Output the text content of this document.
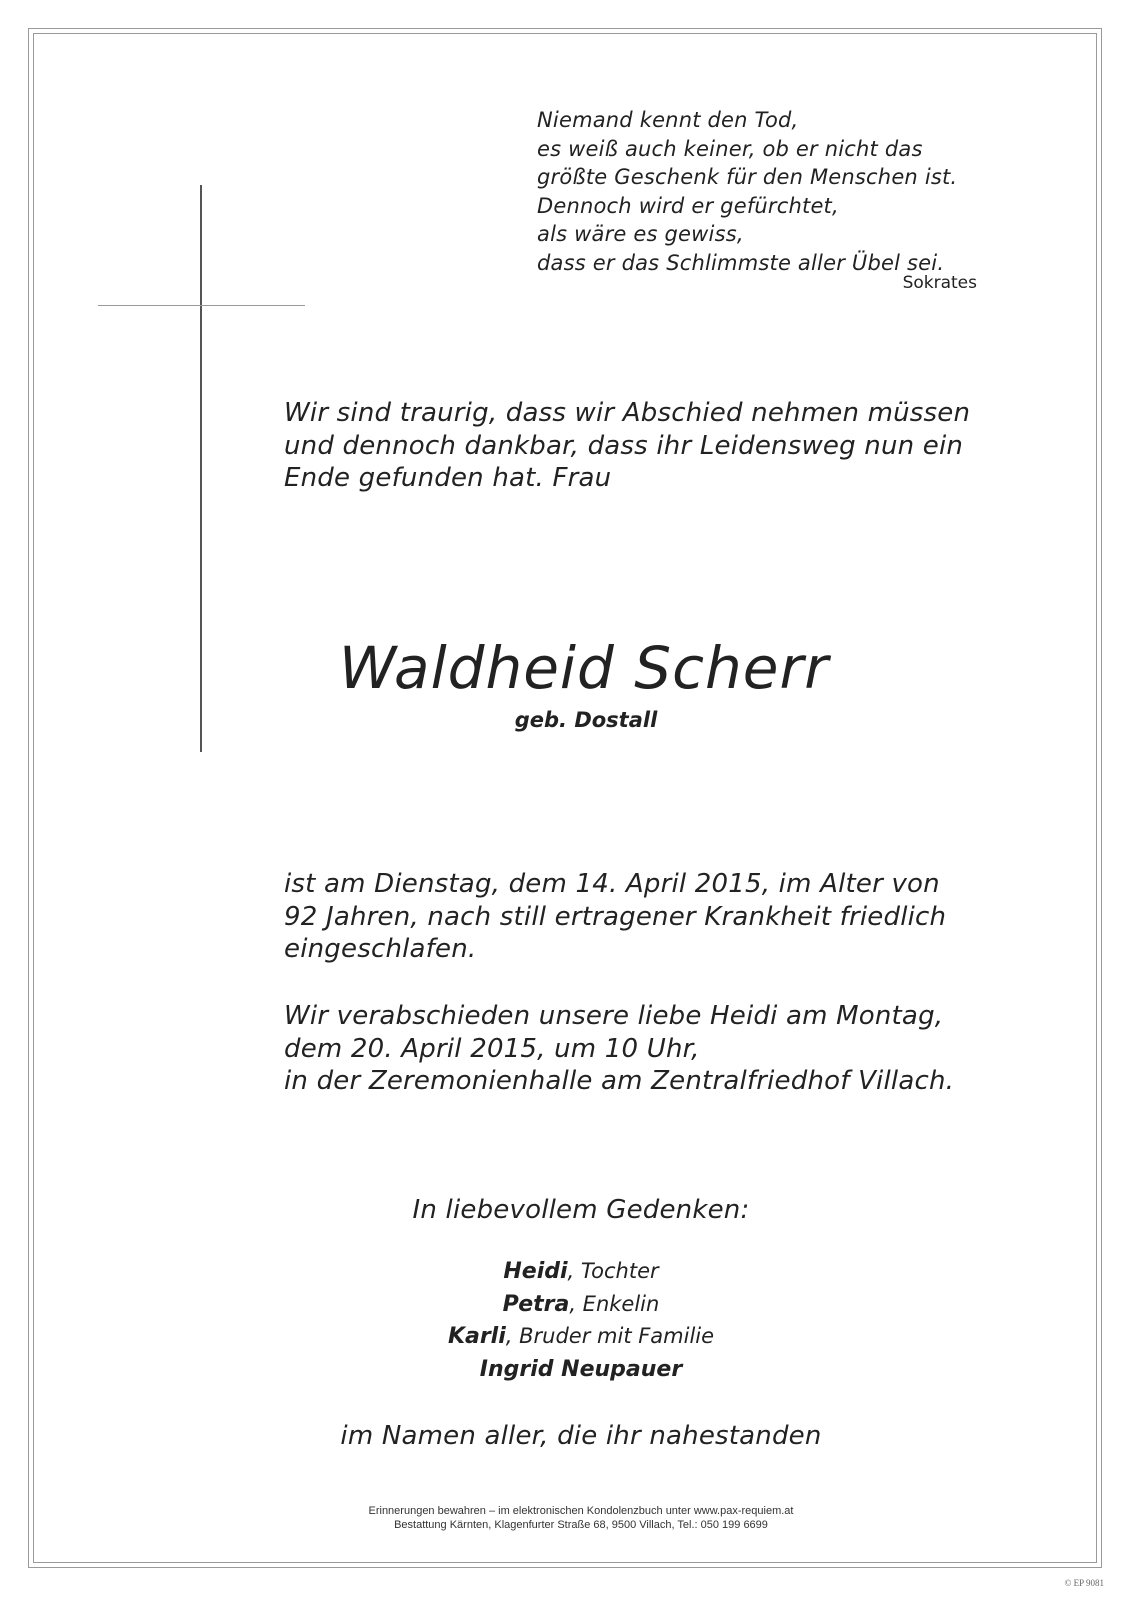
Niemand kennt den Tod,
es weiß auch keiner, ob er nicht das
größte Geschenk für den Menschen ist.
Dennoch wird er gefürchtet,
als wäre es gewiss,
dass er das Schlimmste aller Übel sei.
Sokrates
Wir sind traurig, dass wir Abschied nehmen müssen
und dennoch dankbar, dass ihr Leidensweg nun ein
Ende gefunden hat. Frau
Waldheid Scherr
geb. Dostall
ist am Dienstag, dem 14. April 2015, im Alter von
92 Jahren, nach still ertragener Krankheit friedlich
eingeschlafen.
Wir verabschieden unsere liebe Heidi am Montag,
dem 20. April 2015, um 10 Uhr,
in der Zeremonienhalle am Zentralfriedhof Villach.
In liebevollem Gedenken:
Heidi, Tochter
Petra, Enkelin
Karli, Bruder mit Familie
Ingrid Neupauer
im Namen aller, die ihr nahestanden
Erinnerungen bewahren – im elektronischen Kondolenzbuch unter www.pax-requiem.at
Bestattung Kärnten, Klagenfurter Straße 68, 9500 Villach, Tel.: 050 199 6699
© EP 9081
